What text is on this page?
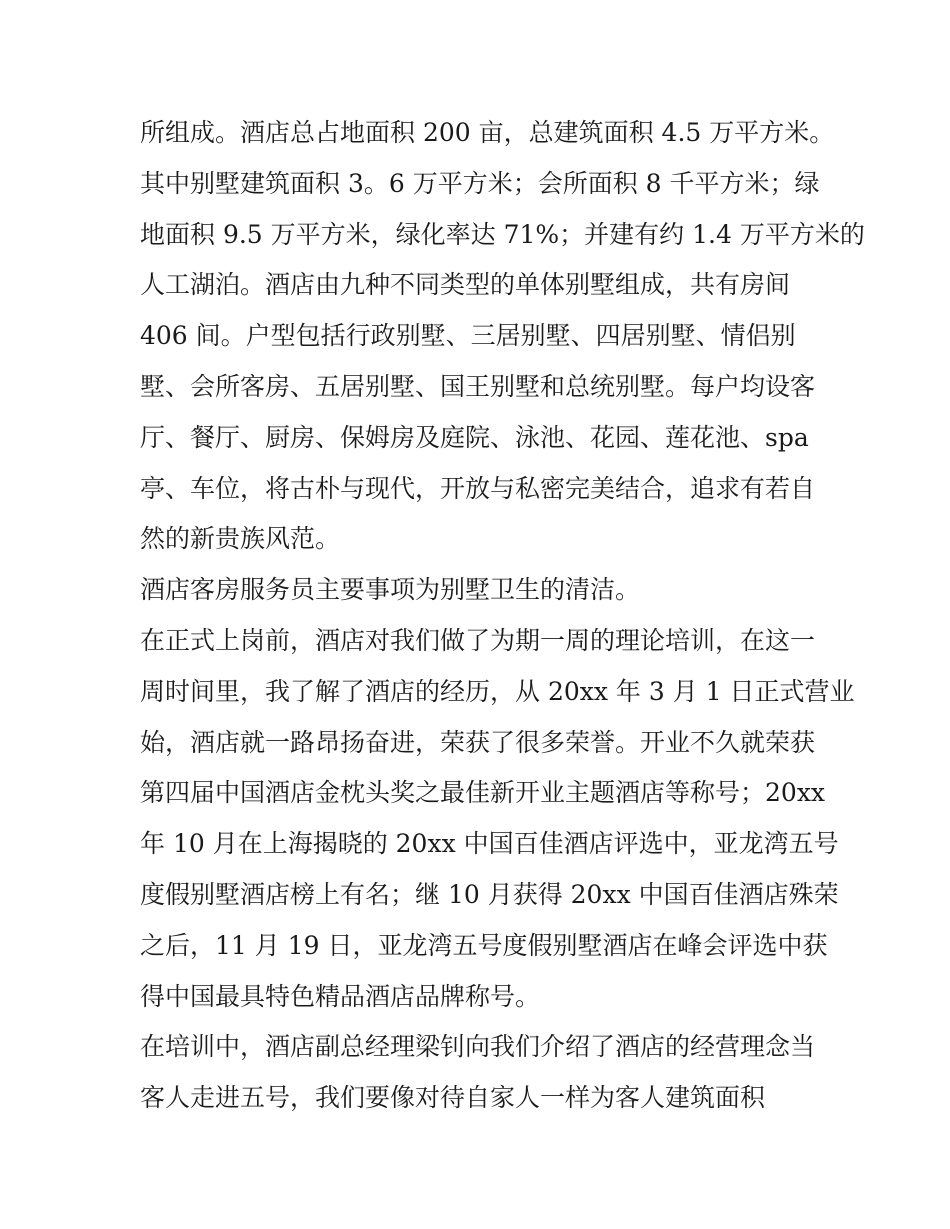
所组成。酒店总占地面积 200 亩，总建筑面积 4.5 万平方米。
其中别墅建筑面积 3。6 万平方米；会所面积 8 千平方米；绿
地面积 9.5 万平方米，绿化率达 71%；并建有约 1.4 万平方米的
人工湖泊。酒店由九种不同类型的单体别墅组成，共有房间
406 间。户型包括行政别墅、三居别墅、四居别墅、情侣别
墅、会所客房、五居别墅、国王别墅和总统别墅。每户均设客
厅、餐厅、厨房、保姆房及庭院、泳池、花园、莲花池、spa
亭、车位，将古朴与现代，开放与私密完美结合，追求有若自
然的新贵族风范。
酒店客房服务员主要事项为别墅卫生的清洁。
在正式上岗前，酒店对我们做了为期一周的理论培训，在这一
周时间里，我了解了酒店的经历，从 20xx 年 3 月 1 日正式营业
始，酒店就一路昂扬奋进，荣获了很多荣誉。开业不久就荣获
第四届中国酒店金枕头奖之最佳新开业主题酒店等称号；20xx
年 10 月在上海揭晓的 20xx 中国百佳酒店评选中，亚龙湾五号
度假别墅酒店榜上有名；继 10 月获得 20xx 中国百佳酒店殊荣
之后，11 月 19 日，亚龙湾五号度假别墅酒店在峰会评选中获
得中国最具特色精品酒店品牌称号。
在培训中，酒店副总经理梁钊向我们介绍了酒店的经营理念当
客人走进五号，我们要像对待自家人一样为客人建筑面积
